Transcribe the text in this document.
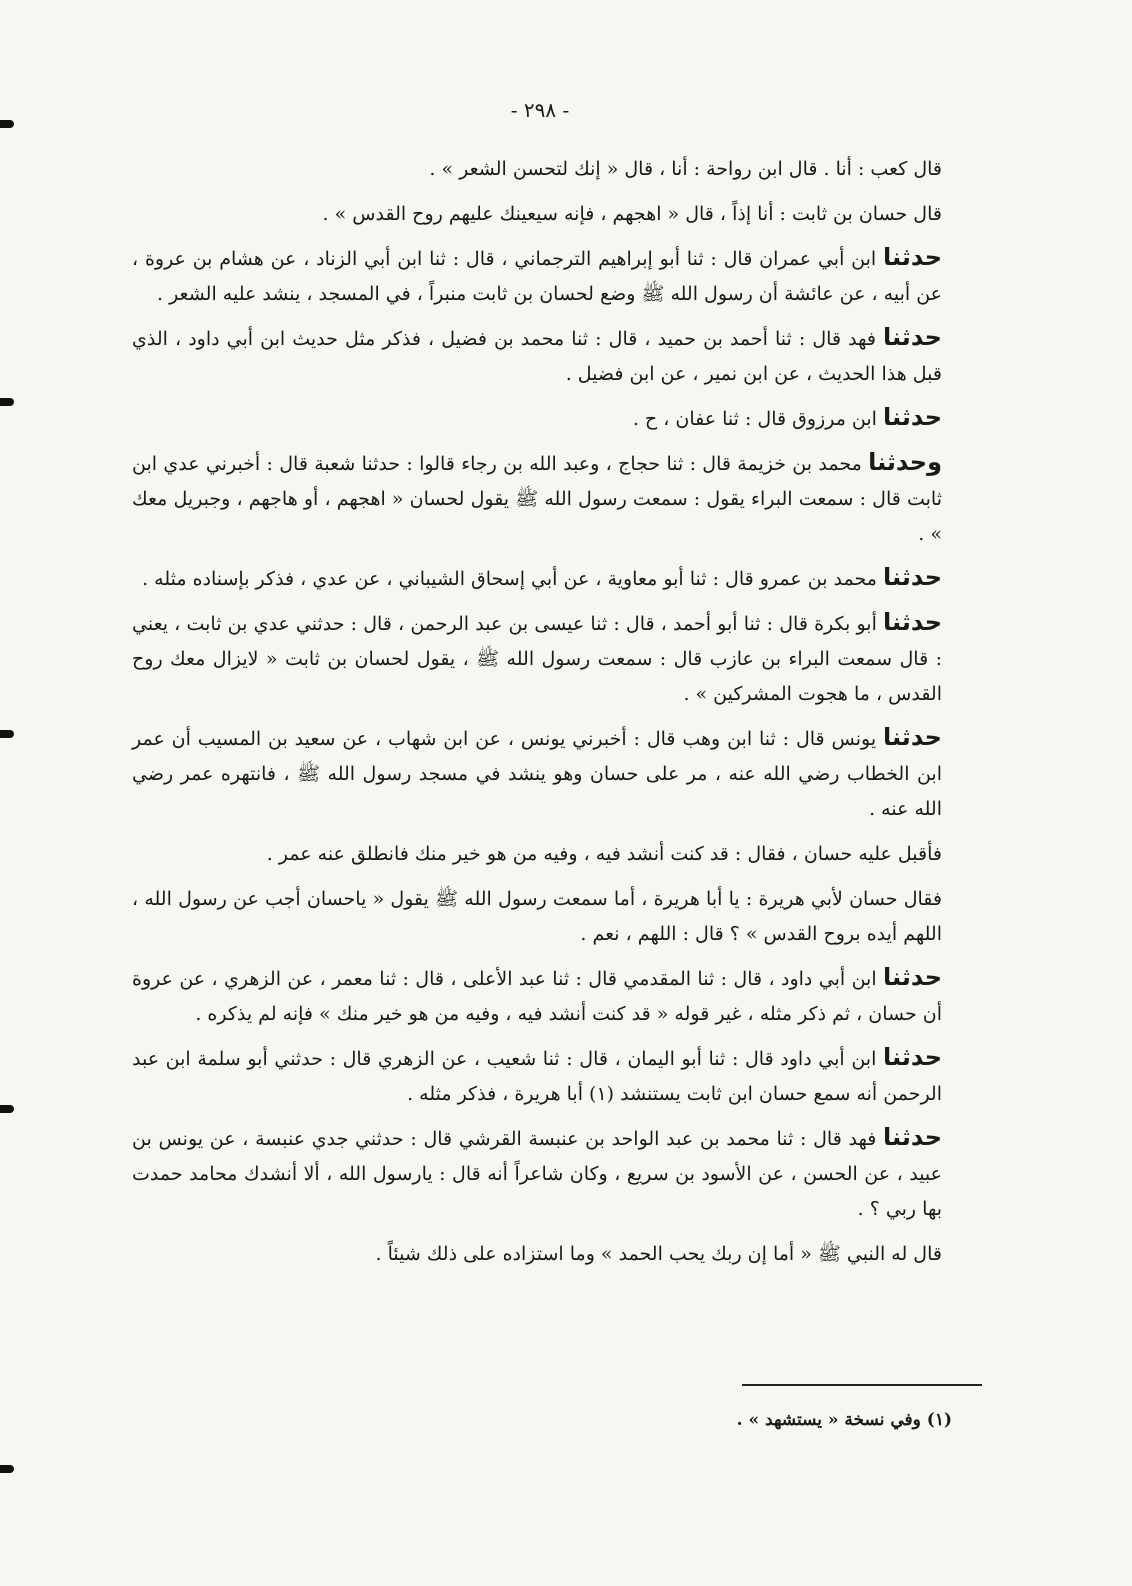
- ٢٩٨ -

قال كعب : أنا . قال ابن رواحة : أنا ، قال « إنك لتحسن الشعر » .

قال حسان بن ثابت : أنا إذاً ، قال « اهجهم ، فإنه سيعينك عليهم روح القدس » .

حدثنا ابن أبي عمران قال : ثنا أبو إبراهيم الترجماني ، قال : ثنا ابن أبي الزناد ، عن هشام بن عروة ، عن أبيه ، عن عائشة أن رسول الله ﷺ وضع لحسان بن ثابت منبراً ، في المسجد ، ينشد عليه الشعر .

حدثنا فهد قال : ثنا أحمد بن حميد ، قال : ثنا محمد بن فضيل ، فذكر مثل حديث ابن أبي داود ، الذي قبل هذا الحديث ، عن ابن نمير ، عن ابن فضيل .

حدثنا ابن مرزوق قال : ثنا عفان ، ح .

وحدثنا محمد بن خزيمة قال : ثنا حجاج ، وعبد الله بن رجاء قالوا : حدثنا شعبة قال : أخبرني عدي ابن ثابت قال : سمعت البراء يقول : سمعت رسول الله ﷺ يقول لحسان « اهجهم ، أو هاجهم ، وجبريل معك » .

حدثنا محمد بن عمرو قال : ثنا أبو معاوية ، عن أبي إسحاق الشيباني ، عن عدي ، فذكر بإسناده مثله .

حدثنا أبو بكرة قال : ثنا أبو أحمد ، قال : ثنا عيسى بن عبد الرحمن ، قال : حدثني عدي بن ثابت ، يعني : قال سمعت البراء بن عازب قال : سمعت رسول الله ﷺ ، يقول لحسان بن ثابت « لايزال معك روح القدس ، ما هجوت المشركين » .

حدثنا يونس قال : ثنا ابن وهب قال : أخبرني يونس ، عن ابن شهاب ، عن سعيد بن المسيب أن عمر ابن الخطاب رضي الله عنه ، مر على حسان وهو ينشد في مسجد رسول الله ﷺ ، فانتهره عمر رضي الله عنه .

فأقبل عليه حسان ، فقال : قد كنت أنشد فيه ، وفيه من هو خير منك فانطلق عنه عمر .

فقال حسان لأبي هريرة : يا أبا هريرة ، أما سمعت رسول الله ﷺ يقول « ياحسان أجب عن رسول الله ، اللهم أيده بروح القدس » ؟ قال : اللهم ، نعم .

حدثنا ابن أبي داود ، قال : ثنا المقدمي قال : ثنا عبد الأعلى ، قال : ثنا معمر ، عن الزهري ، عن عروة أن حسان ، ثم ذكر مثله ، غير قوله « قد كنت أنشد فيه ، وفيه من هو خير منك » فإنه لم يذكره .

حدثنا ابن أبي داود قال : ثنا أبو اليمان ، قال : ثنا شعيب ، عن الزهري قال : حدثني أبو سلمة ابن عبد الرحمن أنه سمع حسان ابن ثابت يستنشد (١) أبا هريرة ، فذكر مثله .

حدثنا فهد قال : ثنا محمد بن عبد الواحد بن عنبسة القرشي قال : حدثني جدي عنبسة ، عن يونس بن عبيد ، عن الحسن ، عن الأسود بن سريع ، وكان شاعراً أنه قال : يارسول الله ، ألا أنشدك محامد حمدت بها ربي ؟ .

قال له النبي ﷺ « أما إن ربك يحب الحمد » وما استزاده على ذلك شيئاً .

(١) وفي نسخة « يستشهد » .
